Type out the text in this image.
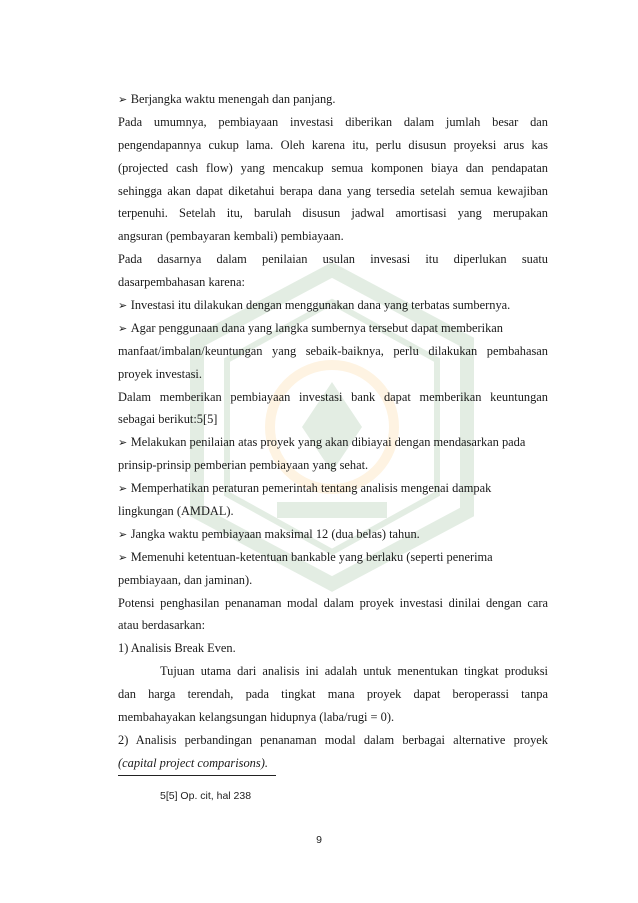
➢ Berjangka waktu menengah dan panjang.
Pada umumnya, pembiayaan investasi diberikan dalam jumlah besar dan
pengendapannya cukup lama. Oleh karena itu, perlu disusun proyeksi arus kas
(projected cash flow) yang mencakup semua komponen biaya dan pendapatan
sehingga akan dapat diketahui berapa dana yang tersedia setelah semua kewajiban
terpenuhi. Setelah itu, barulah disusun jadwal amortisasi yang merupakan
angsuran (pembayaran kembali) pembiayaan.
Pada dasarnya dalam penilaian usulan invesasi itu diperlukan suatu
dasarpembahasan karena:
➢ Investasi itu dilakukan dengan menggunakan dana yang terbatas sumbernya.
➢ Agar penggunaan dana yang langka sumbernya tersebut dapat memberikan
manfaat/imbalan/keuntungan yang sebaik-baiknya, perlu dilakukan pembahasan
proyek investasi.
Dalam memberikan pembiayaan investasi bank dapat memberikan keuntungan
sebagai berikut:5[5]
➢ Melakukan penilaian atas proyek yang akan dibiayai dengan mendasarkan pada
prinsip-prinsip pemberian pembiayaan yang sehat.
➢ Memperhatikan peraturan pemerintah tentang analisis mengenai dampak
lingkungan (AMDAL).
➢ Jangka waktu pembiayaan maksimal 12 (dua belas) tahun.
➢ Memenuhi ketentuan-ketentuan bankable yang berlaku (seperti penerima
pembiayaan, dan jaminan).
Potensi penghasilan penanaman modal dalam proyek investasi dinilai dengan cara
atau berdasarkan:
1) Analisis Break Even.
Tujuan utama dari analisis ini adalah untuk menentukan tingkat produksi
dan harga terendah, pada tingkat mana proyek dapat beroperassi tanpa
membahayakan kelangsungan hidupnya (laba/rugi = 0).
2) Analisis perbandingan penanaman modal dalam berbagai alternative proyek
(capital project comparisons).
5[5] Op. cit, hal 238
9
